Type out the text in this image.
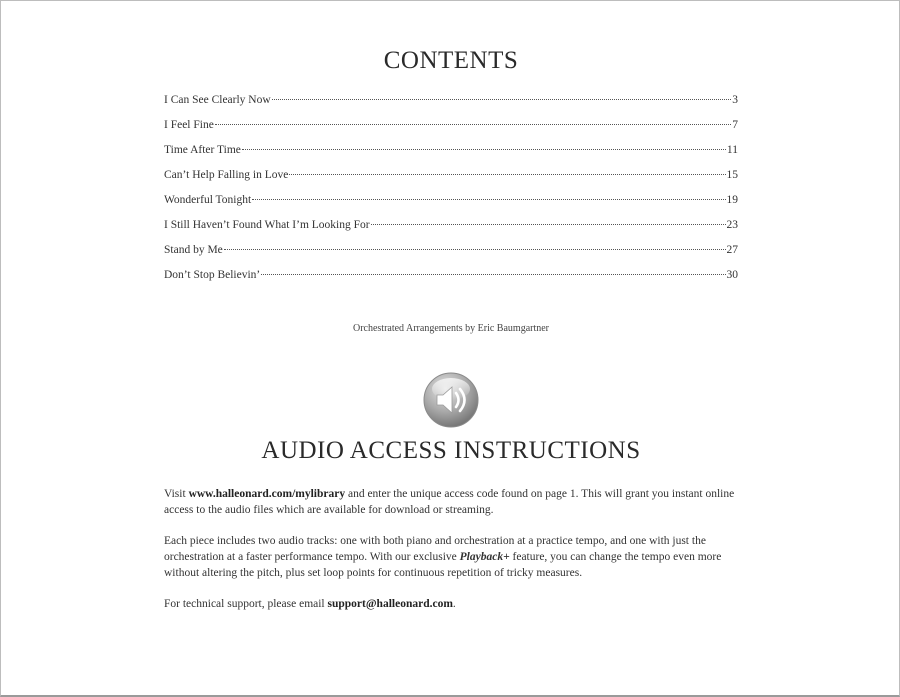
CONTENTS
I Can See Clearly Now	3
I Feel Fine	7
Time After Time	11
Can’t Help Falling in Love	15
Wonderful Tonight	19
I Still Haven’t Found What I’m Looking For	23
Stand by Me	27
Don’t Stop Believin’	30
Orchestrated Arrangements by Eric Baumgartner
AUDIO ACCESS INSTRUCTIONS

Visit www.halleonard.com/mylibrary and enter the unique access code found on page 1. This will grant you instant online access to the audio files which are available for download or streaming.

Each piece includes two audio tracks: one with both piano and orchestration at a practice tempo, and one with just the orchestration at a faster performance tempo. With our exclusive Playback+ feature, you can change the tempo even more without altering the pitch, plus set loop points for continuous repetition of tricky measures.

For technical support, please email support@halleonard.com.
